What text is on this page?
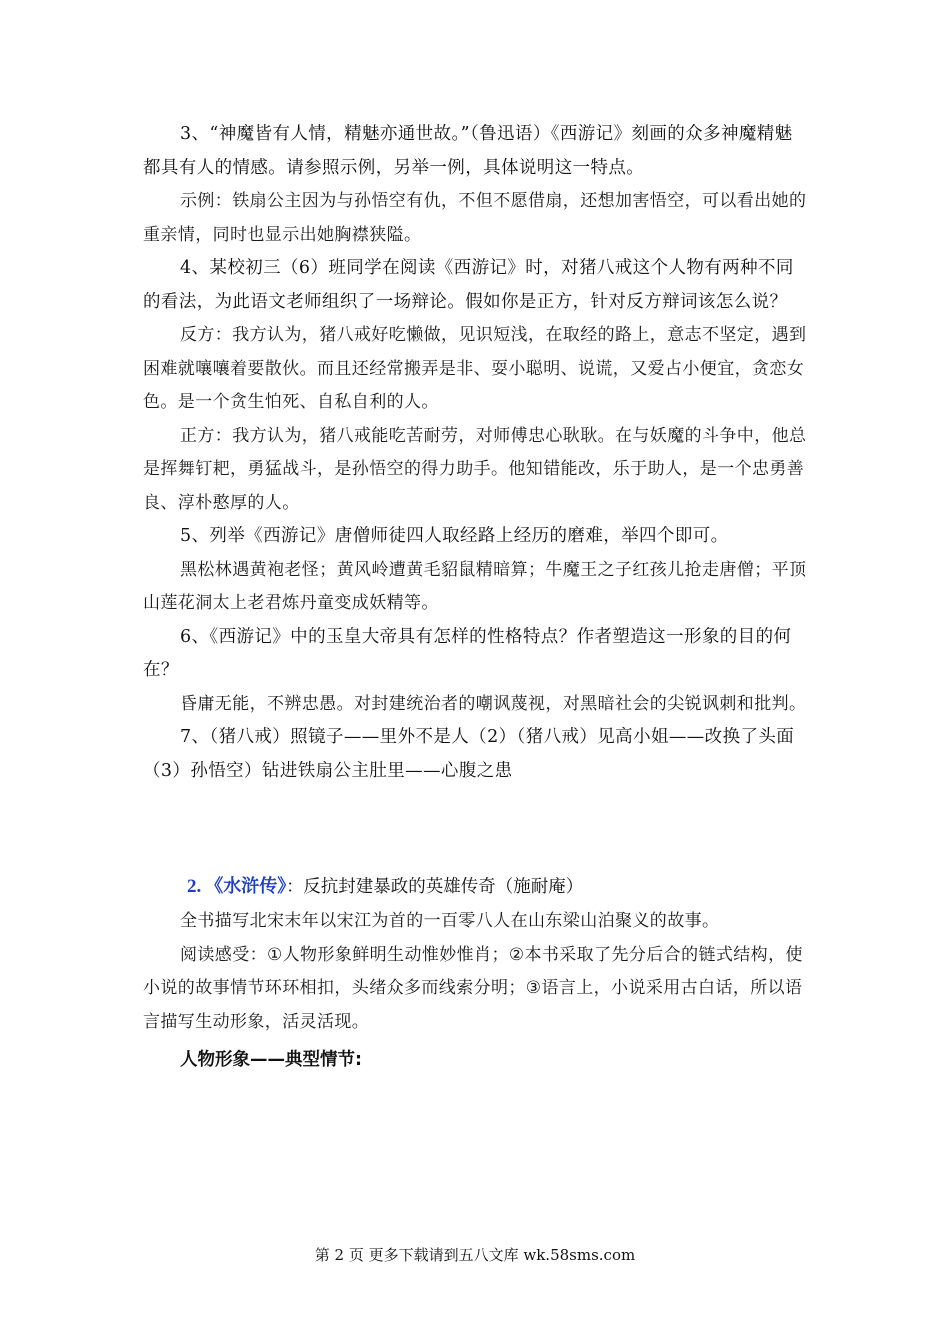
3、“神魔皆有人情，精魅亦通世故。”（鲁迅语）《西游记》刻画的众多神魔精魅都具有人的情感。请参照示例，另举一例，具体说明这一特点。

示例：铁扇公主因为与孙悟空有仇，不但不愿借扇，还想加害悟空，可以看出她的重亲情，同时也显示出她胸襟狭隘。

4、某校初三（6）班同学在阅读《西游记》时，对猪八戒这个人物有两种不同的看法，为此语文老师组织了一场辩论。假如你是正方，针对反方辩词该怎么说？

反方：我方认为，猪八戒好吃懒做，见识短浅，在取经的路上，意志不坚定，遇到困难就嚷嚷着要散伙。而且还经常搬弄是非、耍小聪明、说谎，又爱占小便宜，贪恋女色。是一个贪生怕死、自私自利的人。

正方：我方认为，猪八戒能吃苦耐劳，对师傅忠心耿耿。在与妖魔的斗争中，他总是挥舞钉耙，勇猛战斗，是孙悟空的得力助手。他知错能改，乐于助人，是一个忠勇善良、淳朴憨厚的人。

5、列举《西游记》唐僧师徒四人取经路上经历的磨难，举四个即可。

黑松林遇黄袍老怪；黄风岭遭黄毛貂鼠精暗算；牛魔王之子红孩儿抢走唐僧；平顶山莲花洞太上老君炼丹童变成妖精等。

6、《西游记》中的玉皇大帝具有怎样的性格特点？作者塑造这一形象的目的何在？

昏庸无能，不辨忠愚。对封建统治者的嘲讽蔑视，对黑暗社会的尖锐讽刺和批判。

7、（猪八戒）照镜子——里外不是人（2）（猪八戒）见高小姐——改换了头面（3）孙悟空）钻进铁扇公主肚里——心腹之患

2. 《水浒传》：反抗封建暴政的英雄传奇（施耐庵）

全书描写北宋末年以宋江为首的一百零八人在山东梁山泊聚义的故事。

阅读感受：①人物形象鲜明生动惟妙惟肖；②本书采取了先分后合的链式结构，使小说的故事情节环环相扣，头绪众多而线索分明；③语言上，小说采用古白话，所以语言描写生动形象，活灵活现。

人物形象——典型情节:
第 2 页 更多下载请到五八文库 wk.58sms.com
